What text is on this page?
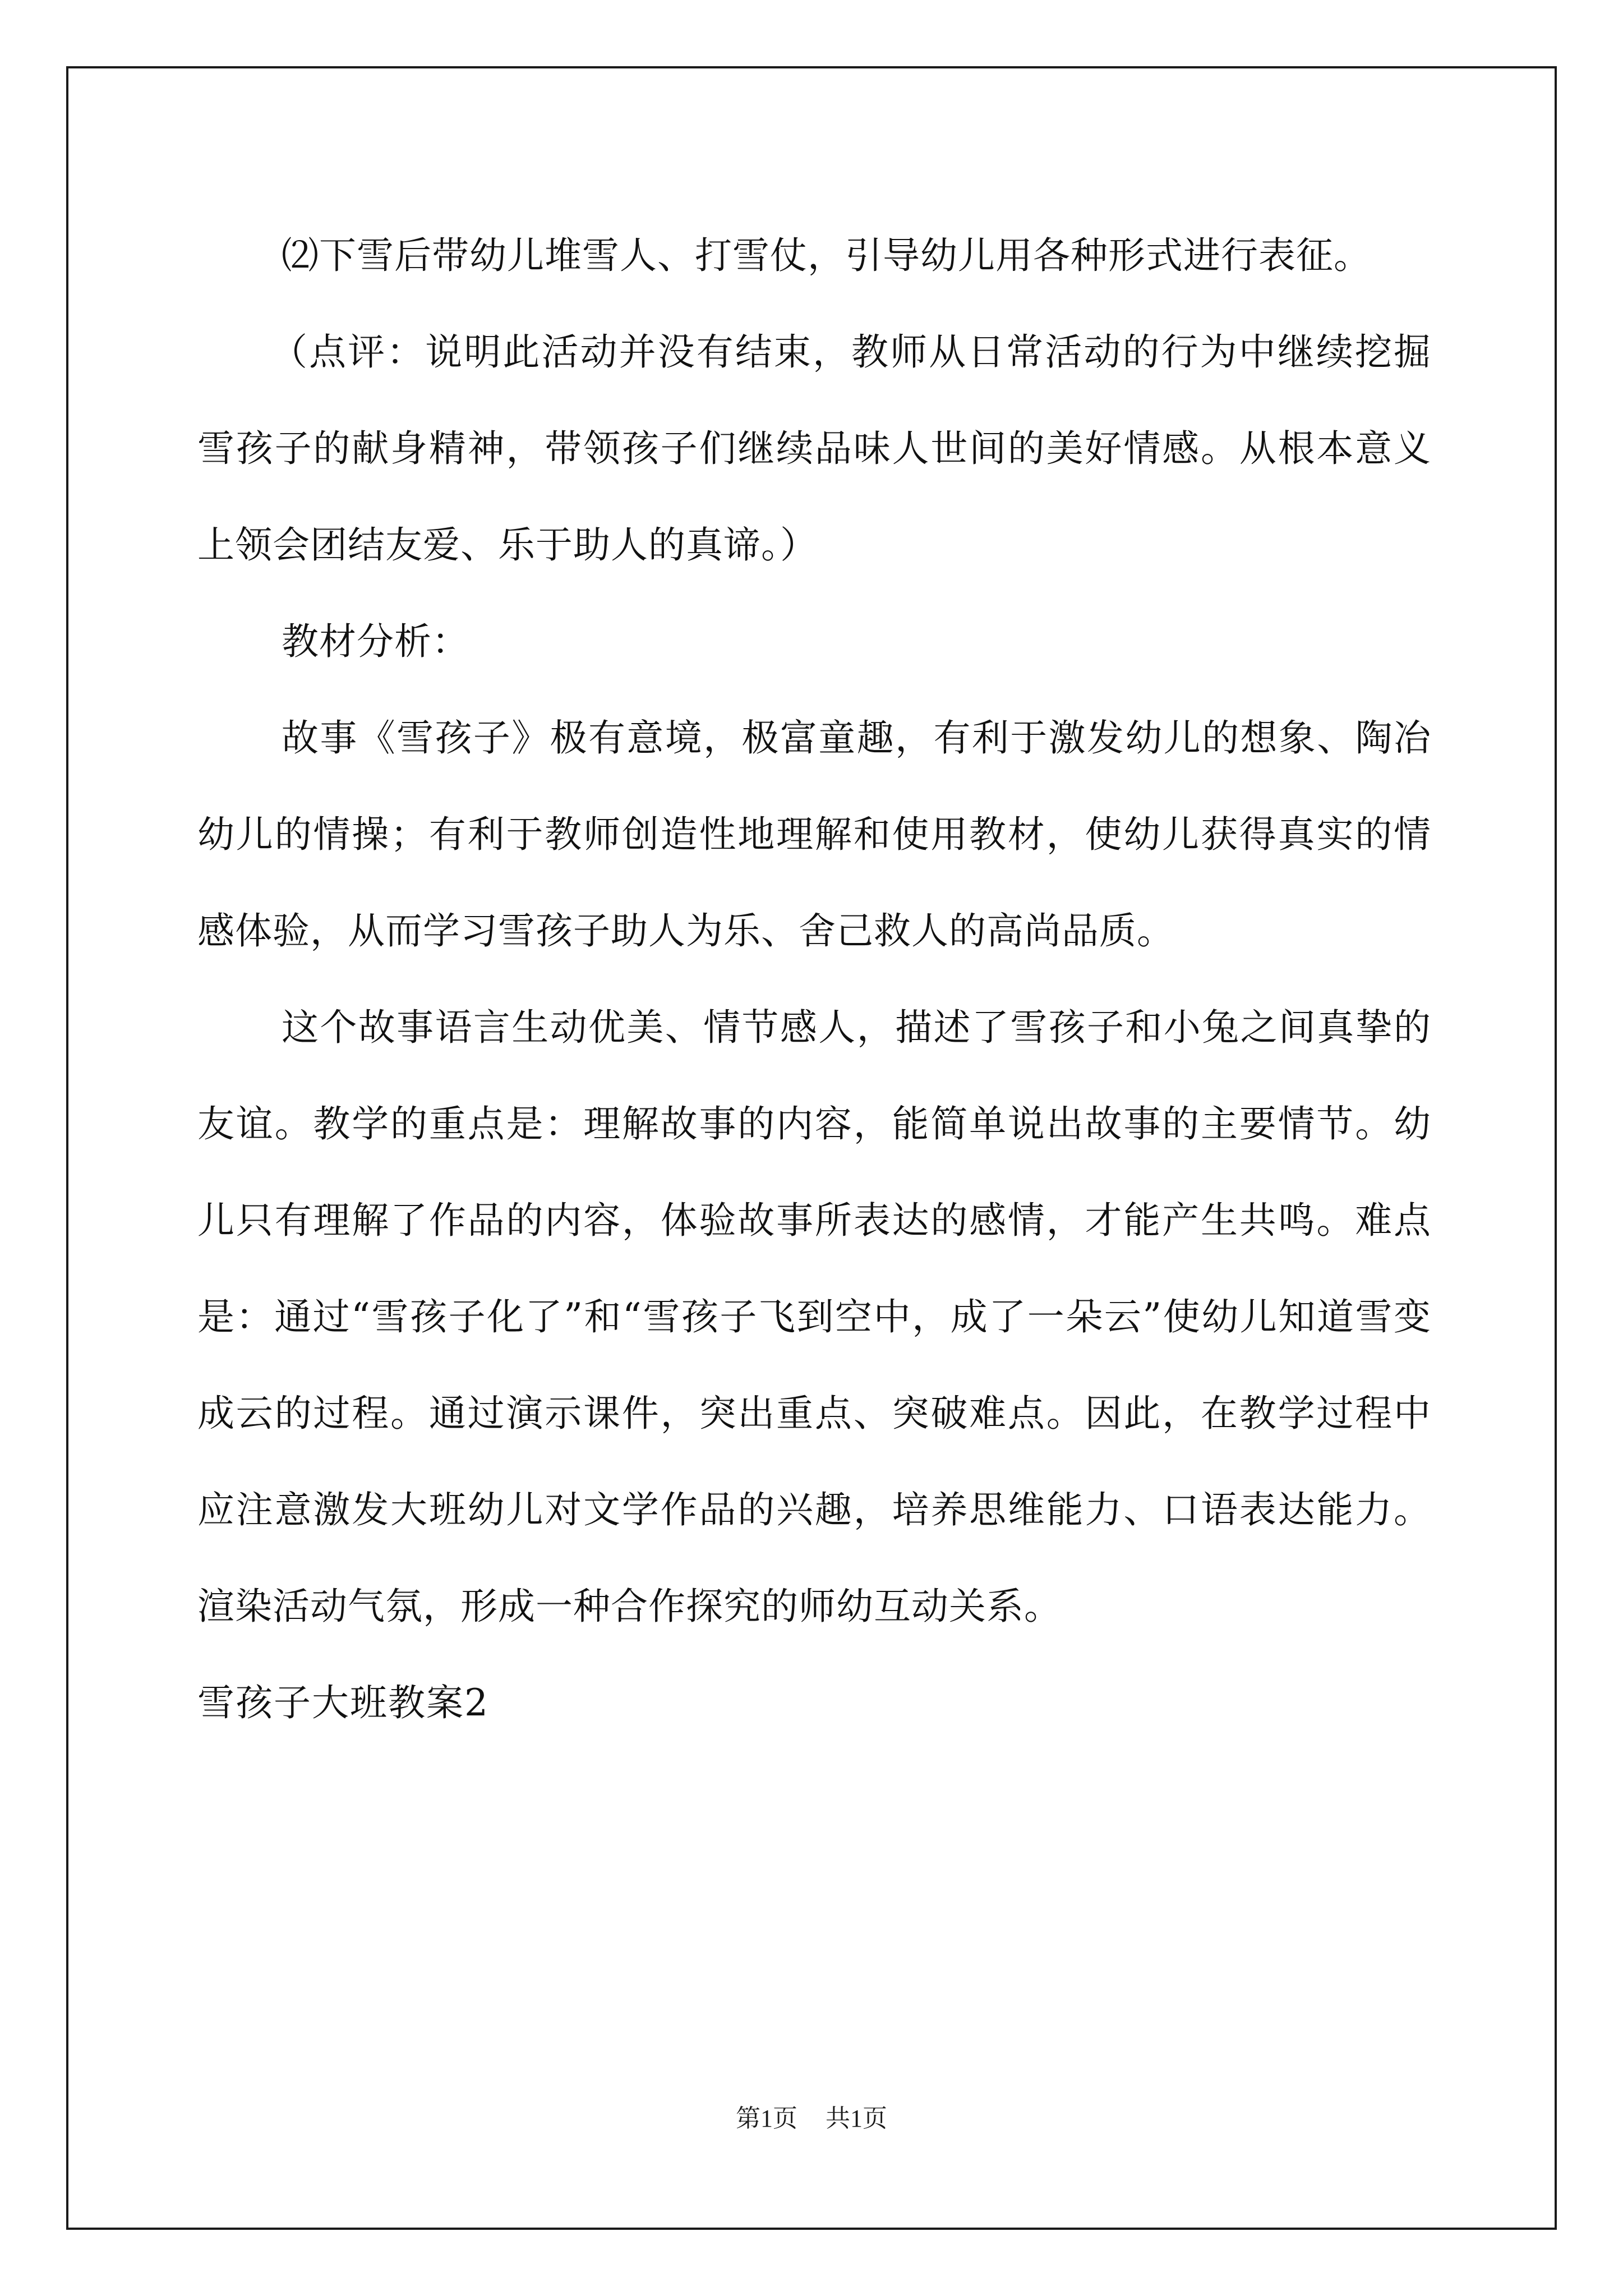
⑵下雪后带幼儿堆雪人、打雪仗，引导幼儿用各种形式进行表征。

（点评：说明此活动并没有结束，教师从日常活动的行为中继续挖掘雪孩子的献身精神，带领孩子们继续品味人世间的美好情感。从根本意义上领会团结友爱、乐于助人的真谛。）

教材分析：

故事《雪孩子》极有意境，极富童趣，有利于激发幼儿的想象、陶冶幼儿的情操；有利于教师创造性地理解和使用教材，使幼儿获得真实的情感体验，从而学习雪孩子助人为乐、舍己救人的高尚品质。

这个故事语言生动优美、情节感人，描述了雪孩子和小兔之间真挚的友谊。教学的重点是：理解故事的内容，能简单说出故事的主要情节。幼儿只有理解了作品的内容，体验故事所表达的感情，才能产生共鸣。难点是：通过“雪孩子化了”和“雪孩子飞到空中，成了一朵云”使幼儿知道雪变成云的过程。通过演示课件，突出重点、突破难点。因此，在教学过程中应注意激发大班幼儿对文学作品的兴趣，培养思维能力、口语表达能力。渲染活动气氛，形成一种合作探究的师幼互动关系。

雪孩子大班教案2

第1页 共1页
